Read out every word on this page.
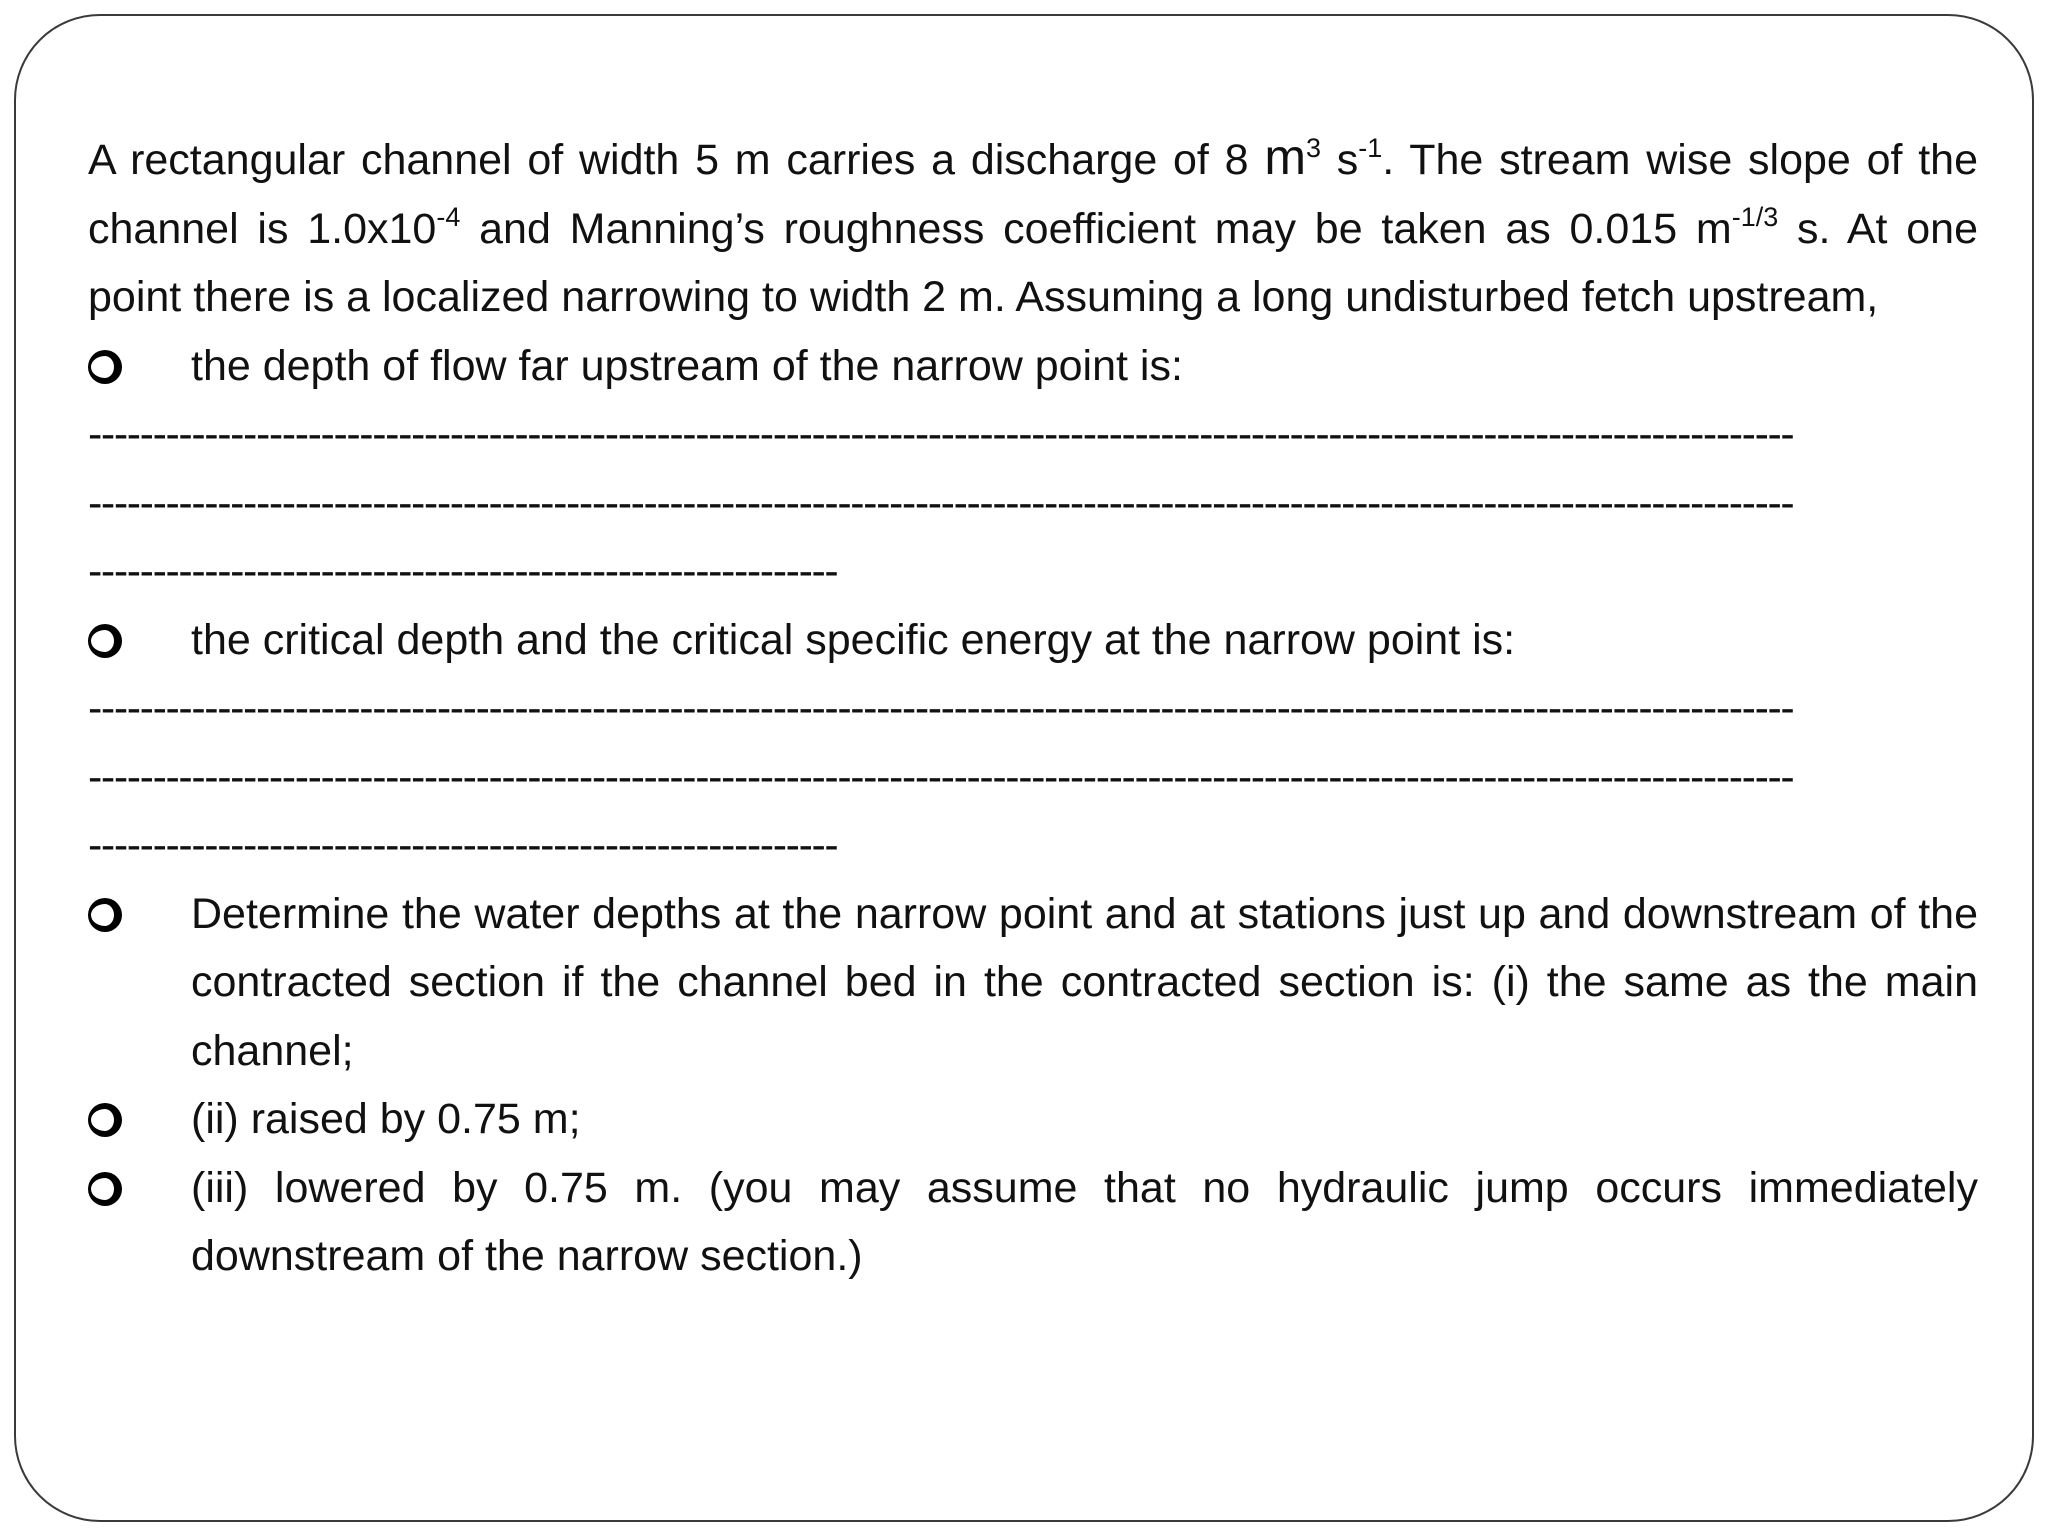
A rectangular channel of width 5 m carries a discharge of 8 $m^3$ $s^{-1}$. The stream wise slope of the channel is $1.0x10^{-4}$ and Manning’s roughness coefficient may be taken as 0.015 $m^{-1/3}$ s. At one point there is a localized narrowing to width 2 m. Assuming a long undisturbed fetch upstream,

the depth of flow far upstream of the narrow point is:
------------------------------------------------------------------------------------------------------------------------------------
------------------------------------------------------------------------------------------------------------------------------------
----------------------------------------------------------
the critical depth and the critical specific energy at the narrow point is:
------------------------------------------------------------------------------------------------------------------------------------
------------------------------------------------------------------------------------------------------------------------------------
----------------------------------------------------------
Determine the water depths at the narrow point and at stations just up and downstream of the contracted section if the channel bed in the contracted section is: (i) the same as the main channel;
(ii) raised by 0.75 m;
(iii) lowered by 0.75 m. (you may assume that no hydraulic jump occurs immediately downstream of the narrow section.)
